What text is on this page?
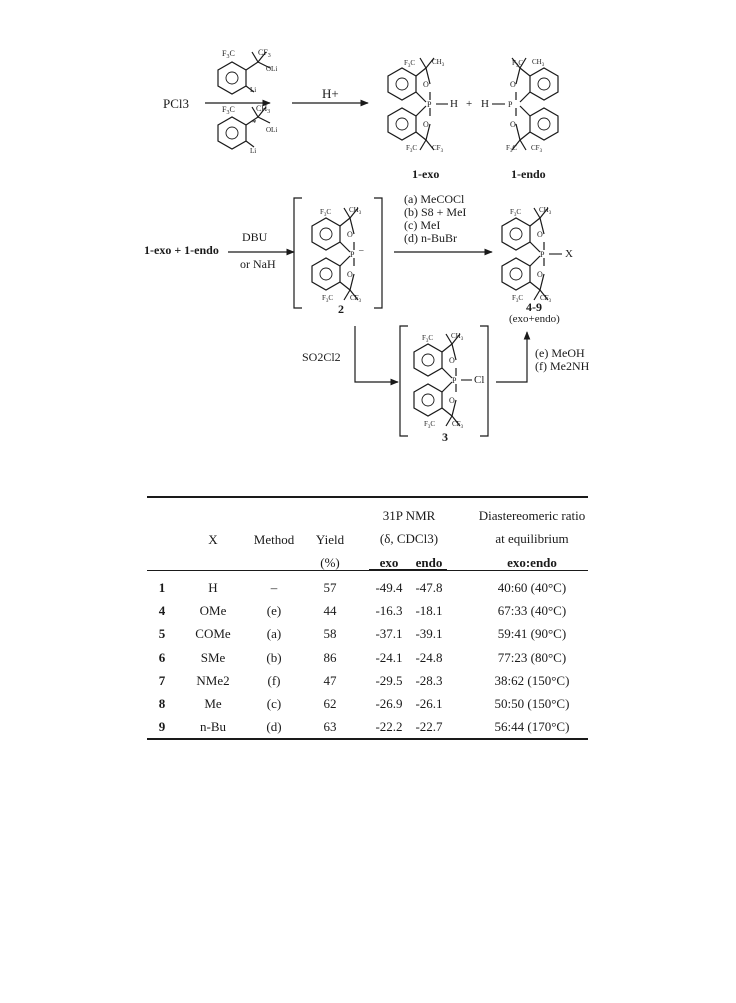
$F_3C$	$CF_3$
$F_3C$	$CH_3$
*
O
O
P
$F_3C$ $CH_3$
$F_3C$ $CF_3$
P
O
O
$F_3C$ $CH_3$
$F_3C$ $CF_3$
O
O
P –
$F_3C$	$CH_3$
$F_3C$ $CF_3$
O
O
P
$F_3C$	$CH_3$
$F_3C$ $CF_3$
O
O
P
$F_3C$	$CH_3$
$F_3C$ $CF_3$
PCl3
OLi
Li
OLi
Li
H+
H + H
1-exo	1-endo
1-exo + 1-endo
DBU
or NaH
2
(a) MeCOCl
(b) S8 + MeI
(c) MeI
(d) n-BuBr
X
4-9
(exo+endo)
SO2Cl2
Cl
3
(e) MeOH
(f) Me2NH
X	Method	Yield
(%)
31P NMR
(δ, CDCl3)
exo	endo
Diastereomeric ratio
at equilibrium
exo:endo
1	H	–	57	-49.4 -47.8	40:60 (40°C)
4	OMe	(e)	44	-16.3 -18.1	67:33 (40°C)
5	COMe	(a)	58	-37.1 -39.1	59:41 (90°C)
6	SMe	(b)	86	-24.1 -24.8	77:23 (80°C)
7	NMe2	(f)	47	-29.5 -28.3	38:62 (150°C)
8	Me	(c)	62	-26.9 -26.1	50:50 (150°C)
9	n-Bu	(d)	63	-22.2 -22.7	56:44 (170°C)
